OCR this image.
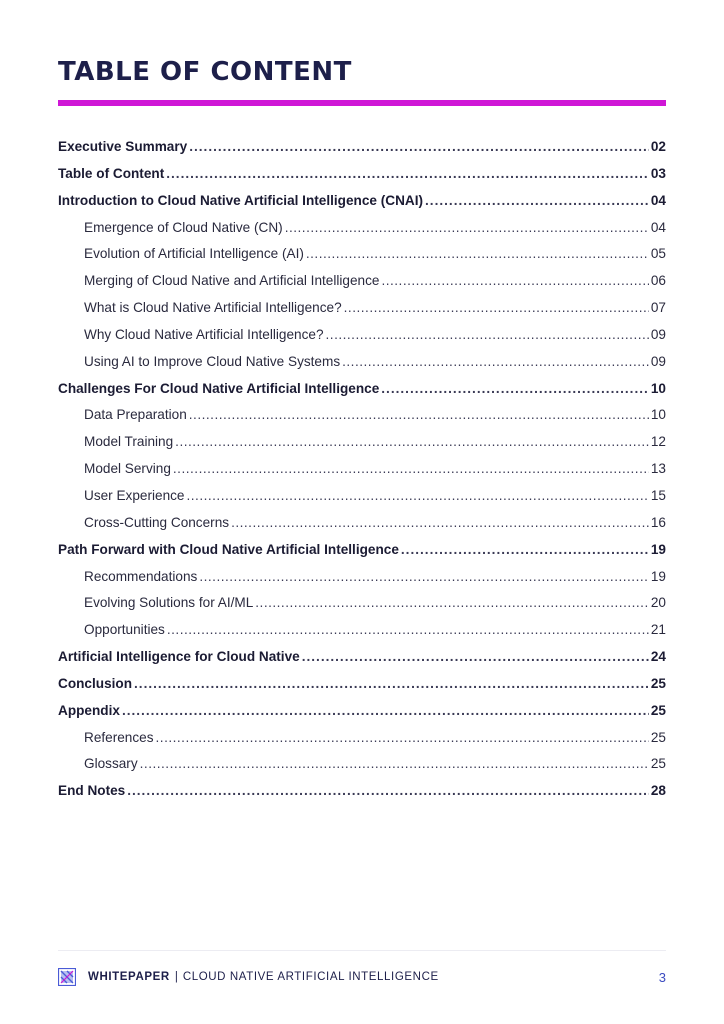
TABLE OF CONTENT
Executive Summary .....	02
Table of Content .....	03
Introduction to Cloud Native Artificial Intelligence (CNAI) .....	04
Emergence of Cloud Native (CN) .....	04
Evolution of Artificial Intelligence (AI) .....	05
Merging of Cloud Native and Artificial Intelligence .....	06
What is Cloud Native Artificial Intelligence? .....	07
Why Cloud Native Artificial Intelligence? .....	09
Using AI to Improve Cloud Native Systems .....	09
Challenges For Cloud Native Artificial Intelligence .....	10
Data Preparation .....	10
Model Training .....	12
Model Serving .....	13
User Experience .....	15
Cross-Cutting Concerns .....	16
Path Forward with Cloud Native Artificial Intelligence .....	19
Recommendations .....	19
Evolving Solutions for AI/ML .....	20
Opportunities .....	21
Artificial Intelligence for Cloud Native .....	24
Conclusion .....	25
Appendix .....	25
References .....	25
Glossary .....	25
End Notes .....	28
WHITEPAPER | CLOUD NATIVE ARTIFICIAL INTELLIGENCE	3
